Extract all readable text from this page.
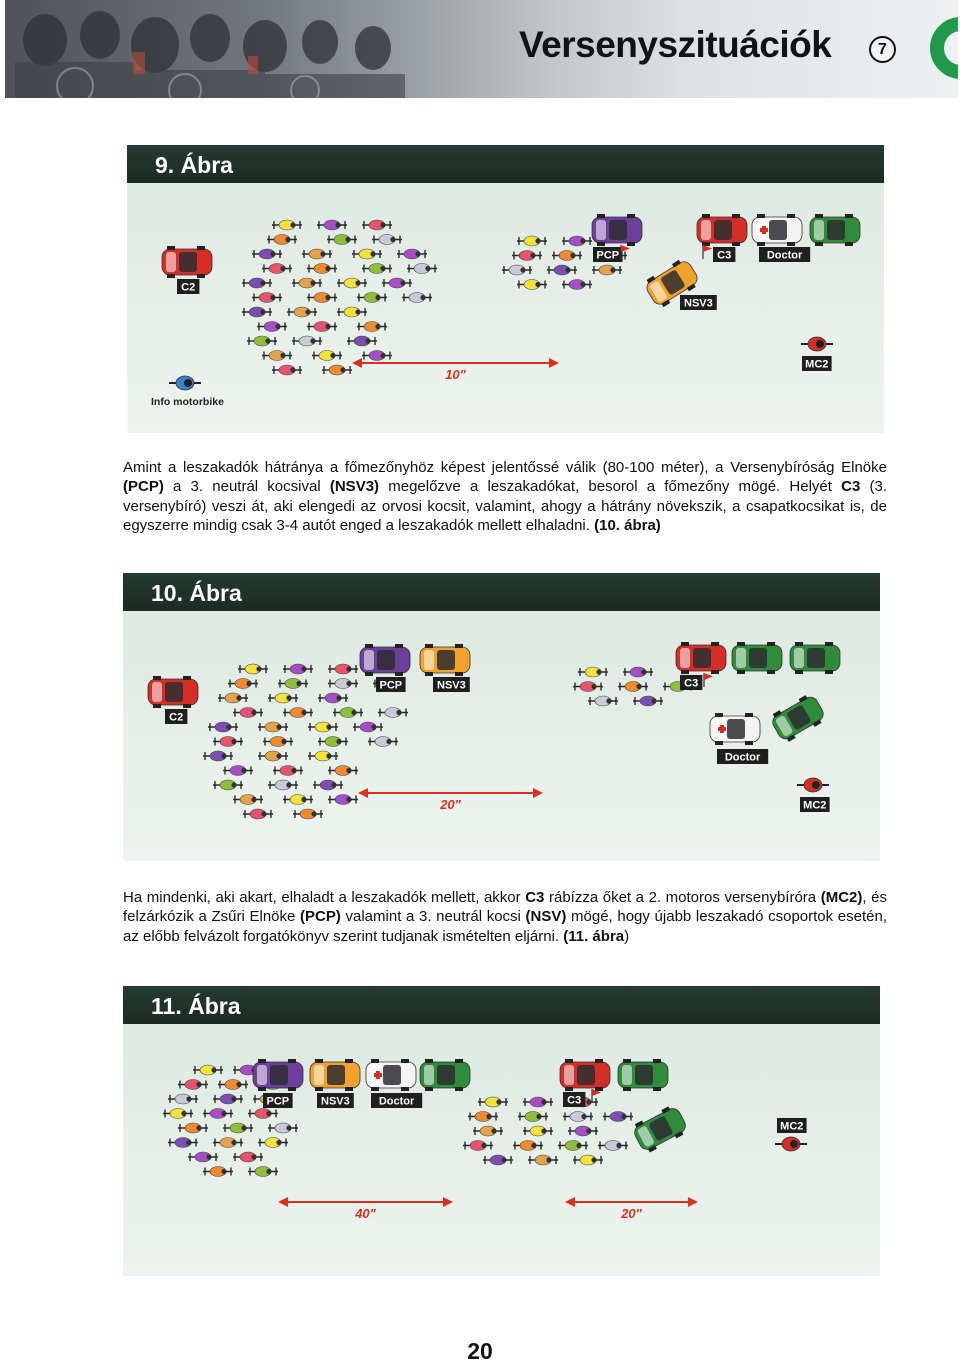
Versenyszituációk	7
C2
PCP	C3	Doctor
NSV3
MC2
Info motorbike
10"
9. Ábra
Amint a leszakadók hátránya a főmezőnyhöz képest jelentőssé válik (80-100 méter), a Versenybíróság Elnöke (PCP) a 3. neutrál kocsival (NSV3) megelőzve a leszakadókat, besorol a főmezőny mögé. Helyét C3 (3. versenybíró) veszi át, aki elengedi az orvosi kocsit, valamint, ahogy a hátrány növekszik, a csapatkocsikat is, de egyszerre mindig csak 3-4 autót enged a leszakadók mellett elhaladni. (10. ábra)
C2
PCP	NSV3	C3
Doctor
MC2
20"
10. Ábra
Ha mindenki, aki akart, elhaladt a leszakadók mellett, akkor C3 rábízza őket a 2. motoros versenybíróra (MC2), és felzárkózik a Zsűri Elnöke (PCP) valamint a 3. neutrál kocsi (NSV) mögé, hogy újabb leszakadó csoportok esetén, az előbb felvázolt forgatókönyv szerint tudjanak ismételten eljárni. (11. ábra)
PCP	NSV3	Doctor	C3
MC2
40"	20"
11. Ábra
20
